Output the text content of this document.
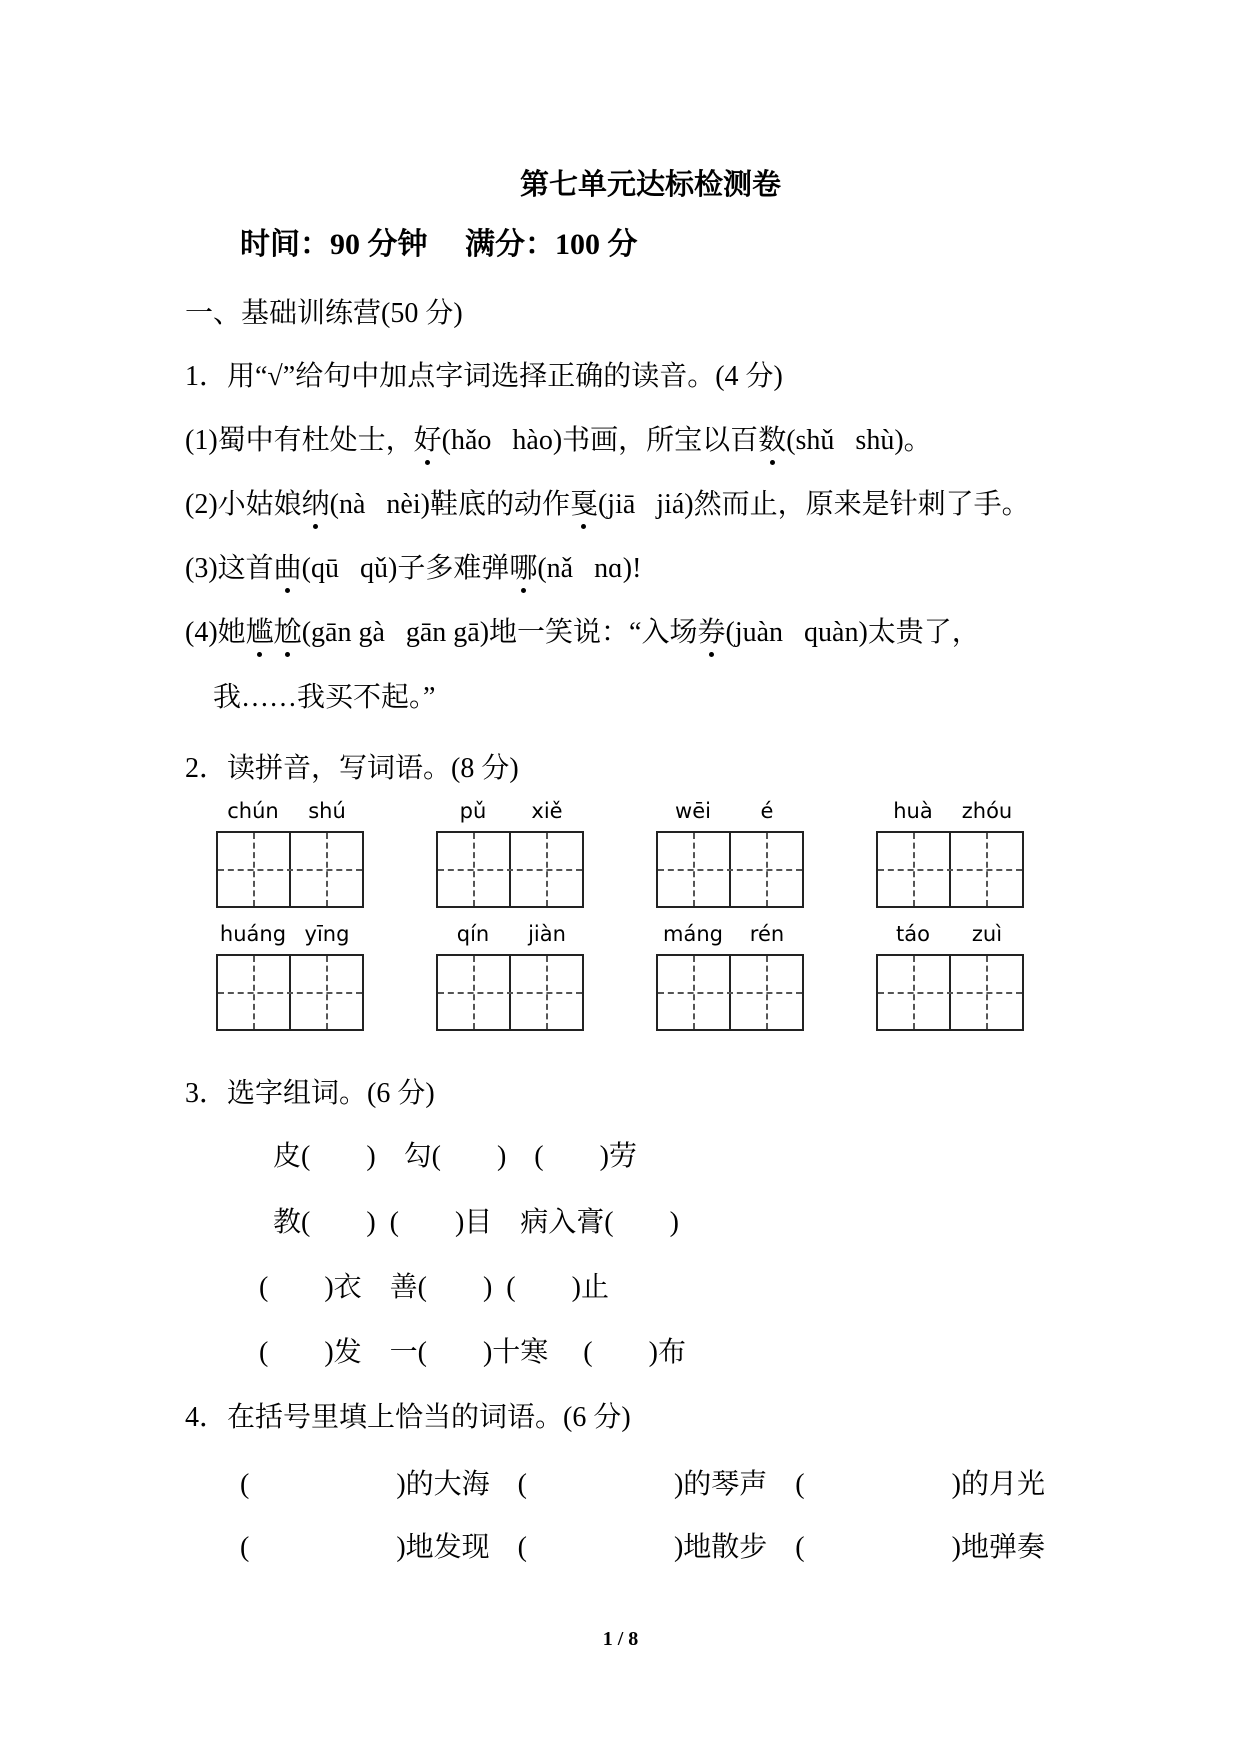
第七单元达标检测卷
时间：90 分钟     满分：100 分
一、基础训练营(50 分)
1．用“√”给句中加点字词选择正确的读音。(4 分)
(1)蜀中有杜处士，好(hǎo   hào)书画，所宝以百数(shǔ   shù)。
(2)小姑娘纳(nà   nèi)鞋底的动作戛(jiā   jiá)然而止，原来是针刺了手。
(3)这首曲(qū   qǔ)子多难弹哪(nǎ   nɑ)!
(4)她尴尬(gān gà   gān gā)地一笑说：“入场券(juàn   quàn)太贵了，
我……我买不起。”
2．读拼音，写词语。(8 分)
chún	shú	pǔ	xiě	wēi	é	huà	zhóu
huáng yīng	qín	jiàn	máng	rén	táo	zuì
3．选字组词。(6 分)
皮(        )    勾(        )    (        )劳
教(        )  (        )目    病入膏(        )
(        )衣    善(        )  (        )止
(        )发    一(        )十寒     (        )布
4．在括号里填上恰当的词语。(6 分)
(                     )的大海    (                     )的琴声    (                     )的月光
(                     )地发现    (                     )地散步    (                     )地弹奏
1 / 8
